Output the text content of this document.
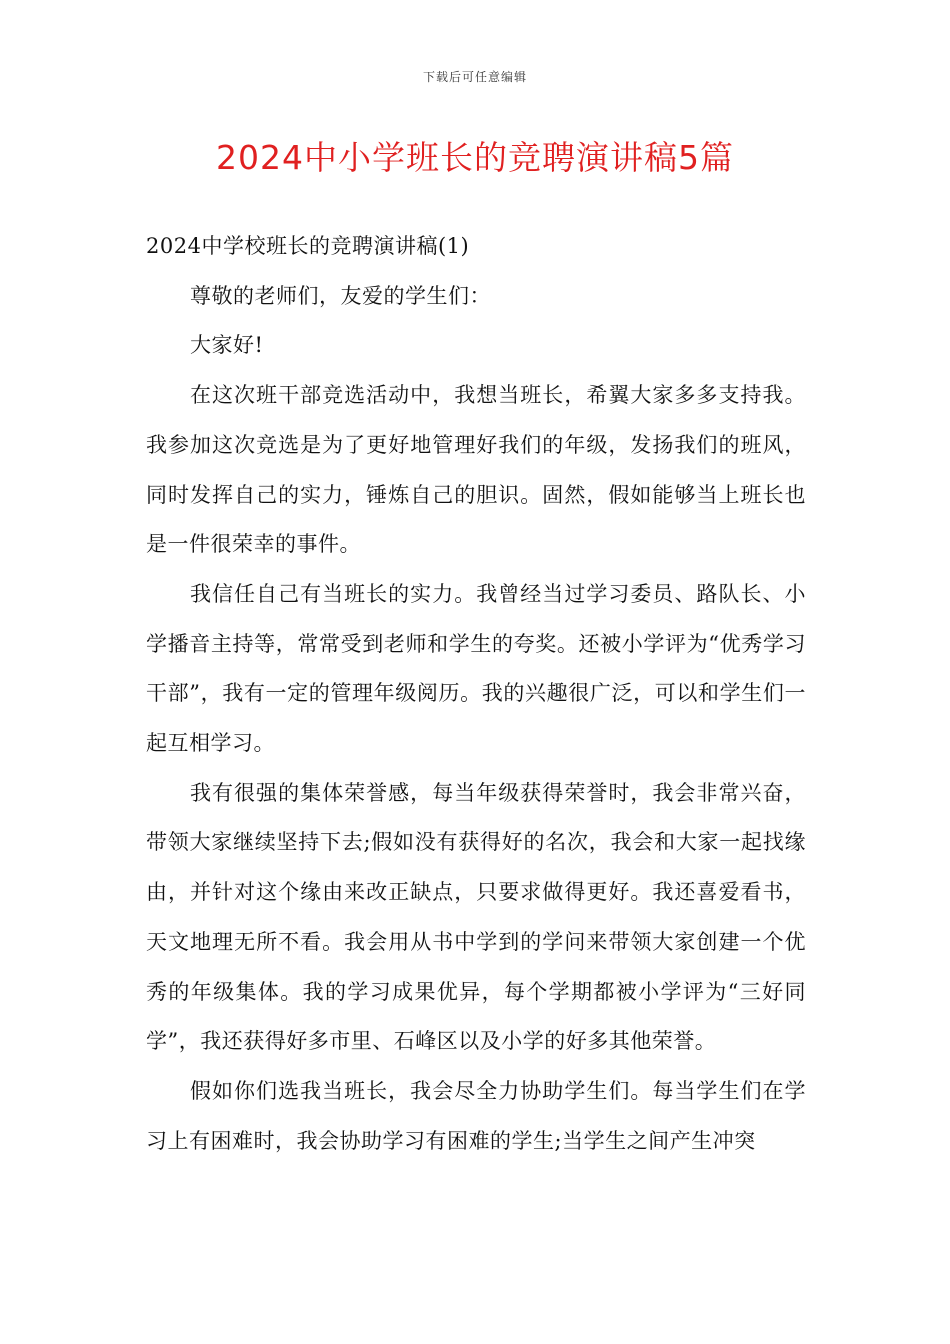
下载后可任意编辑
2024中小学班长的竞聘演讲稿5篇

2024中学校班长的竞聘演讲稿(1)

尊敬的老师们，友爱的学生们：

大家好!

在这次班干部竞选活动中，我想当班长，希翼大家多多支持我。我参加这次竞选是为了更好地管理好我们的年级，发扬我们的班风，同时发挥自己的实力，锤炼自己的胆识。固然，假如能够当上班长也是一件很荣幸的事件。

我信任自己有当班长的实力。我曾经当过学习委员、路队长、小学播音主持等，常常受到老师和学生的夸奖。还被小学评为“优秀学习干部”，我有一定的管理年级阅历。我的兴趣很广泛，可以和学生们一起互相学习。

我有很强的集体荣誉感，每当年级获得荣誉时，我会非常兴奋，带领大家继续坚持下去;假如没有获得好的名次，我会和大家一起找缘由，并针对这个缘由来改正缺点，只要求做得更好。我还喜爱看书，天文地理无所不看。我会用从书中学到的学问来带领大家创建一个优秀的年级集体。我的学习成果优异，每个学期都被小学评为“三好同学”，我还获得好多市里、石峰区以及小学的好多其他荣誉。

假如你们选我当班长，我会尽全力协助学生们。每当学生们在学习上有困难时，我会协助学习有困难的学生;当学生之间产生冲突
